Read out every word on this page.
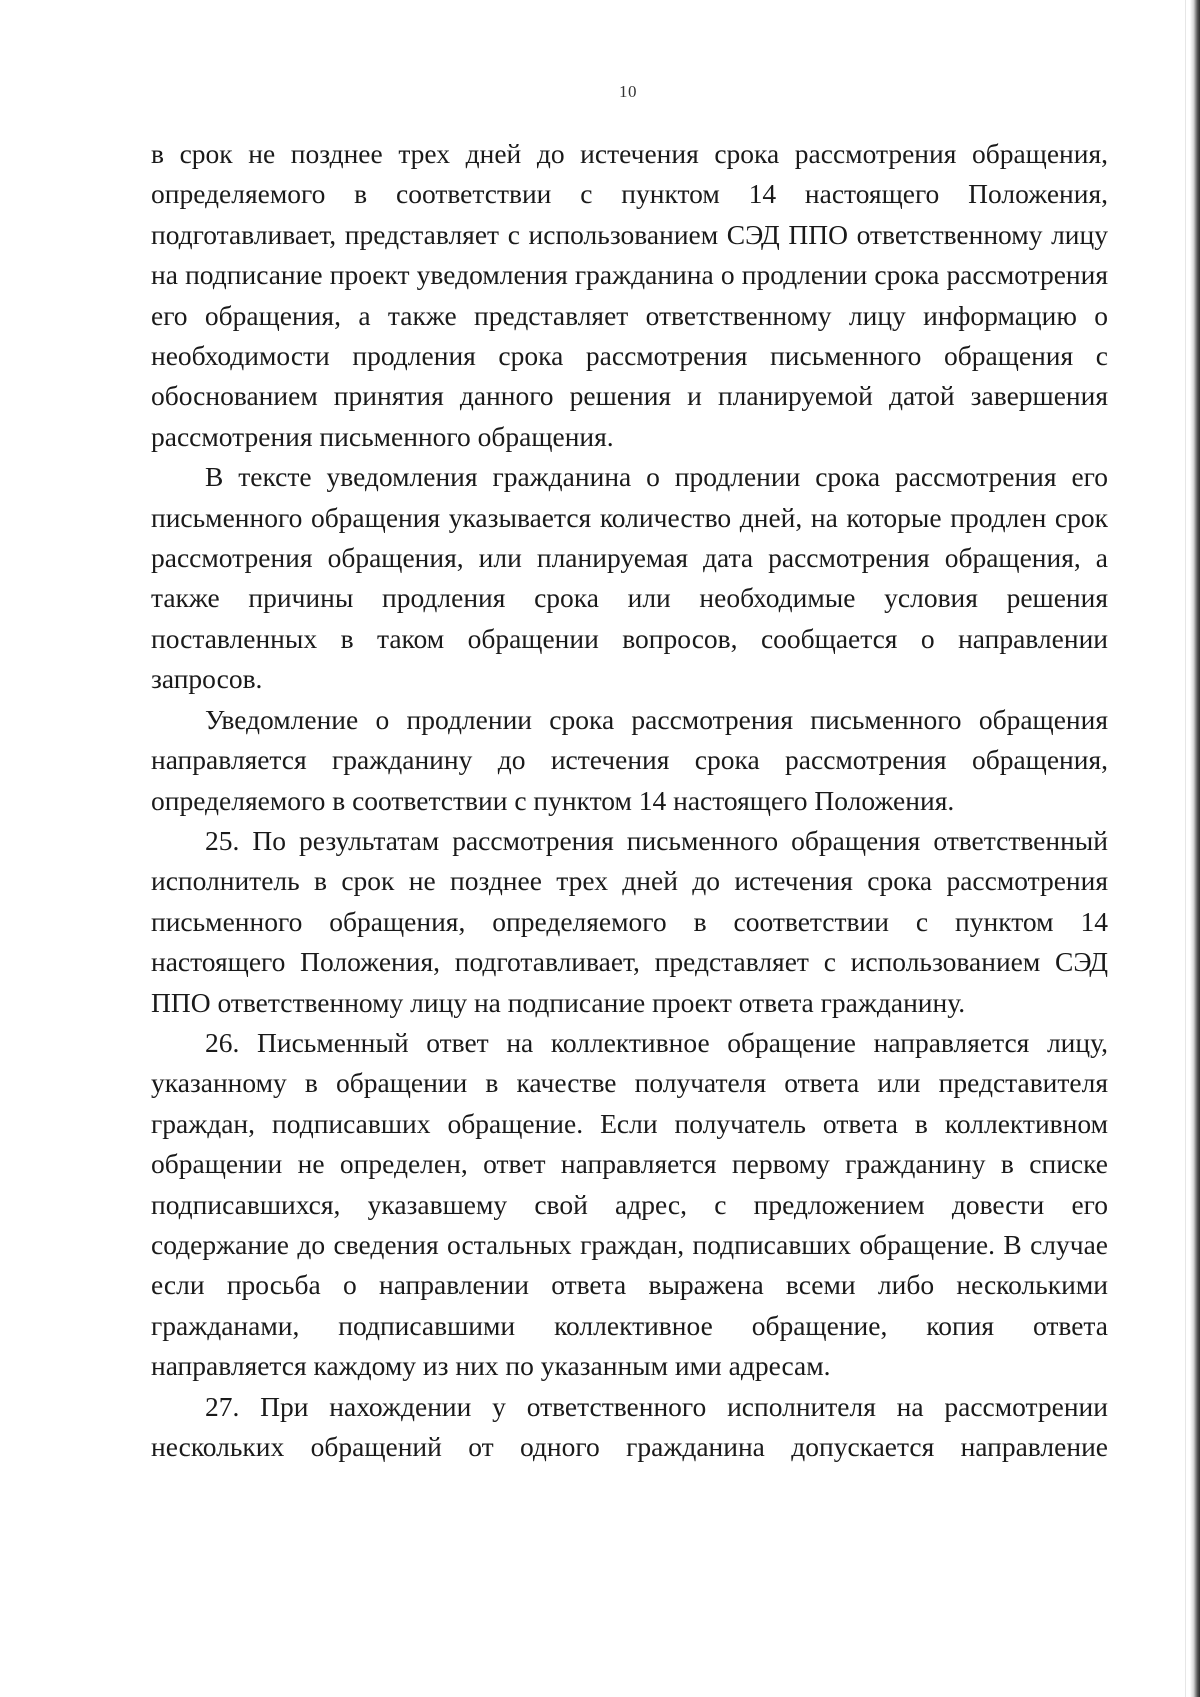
10

в срок не позднее трех дней до истечения срока рассмотрения обращения, определяемого в соответствии с пунктом 14 настоящего Положения, подготавливает, представляет с использованием СЭД ППО ответственному лицу на подписание проект уведомления гражданина о продлении срока рассмотрения его обращения, а также представляет ответственному лицу информацию о необходимости продления срока рассмотрения письменного обращения с обоснованием принятия данного решения и планируемой датой завершения рассмотрения письменного обращения.

В тексте уведомления гражданина о продлении срока рассмотрения его письменного обращения указывается количество дней, на которые продлен срок рассмотрения обращения, или планируемая дата рассмотрения обращения, а также причины продления срока или необходимые условия решения поставленных в таком обращении вопросов, сообщается о направлении запросов.

Уведомление о продлении срока рассмотрения письменного обращения направляется гражданину до истечения срока рассмотрения обращения, определяемого в соответствии с пунктом 14 настоящего Положения.

25. По результатам рассмотрения письменного обращения ответственный исполнитель в срок не позднее трех дней до истечения срока рассмотрения письменного обращения, определяемого в соответствии с пунктом 14 настоящего Положения, подготавливает, представляет с использованием СЭД ППО ответственному лицу на подписание проект ответа гражданину.

26. Письменный ответ на коллективное обращение направляется лицу, указанному в обращении в качестве получателя ответа или представителя граждан, подписавших обращение. Если получатель ответа в коллективном обращении не определен, ответ направляется первому гражданину в списке подписавшихся, указавшему свой адрес, с предложением довести его содержание до сведения остальных граждан, подписавших обращение. В случае если просьба о направлении ответа выражена всеми либо несколькими гражданами, подписавшими коллективное обращение, копия ответа направляется каждому из них по указанным ими адресам.

27. При нахождении у ответственного исполнителя на рассмотрении нескольких обращений от одного гражданина допускается направление
